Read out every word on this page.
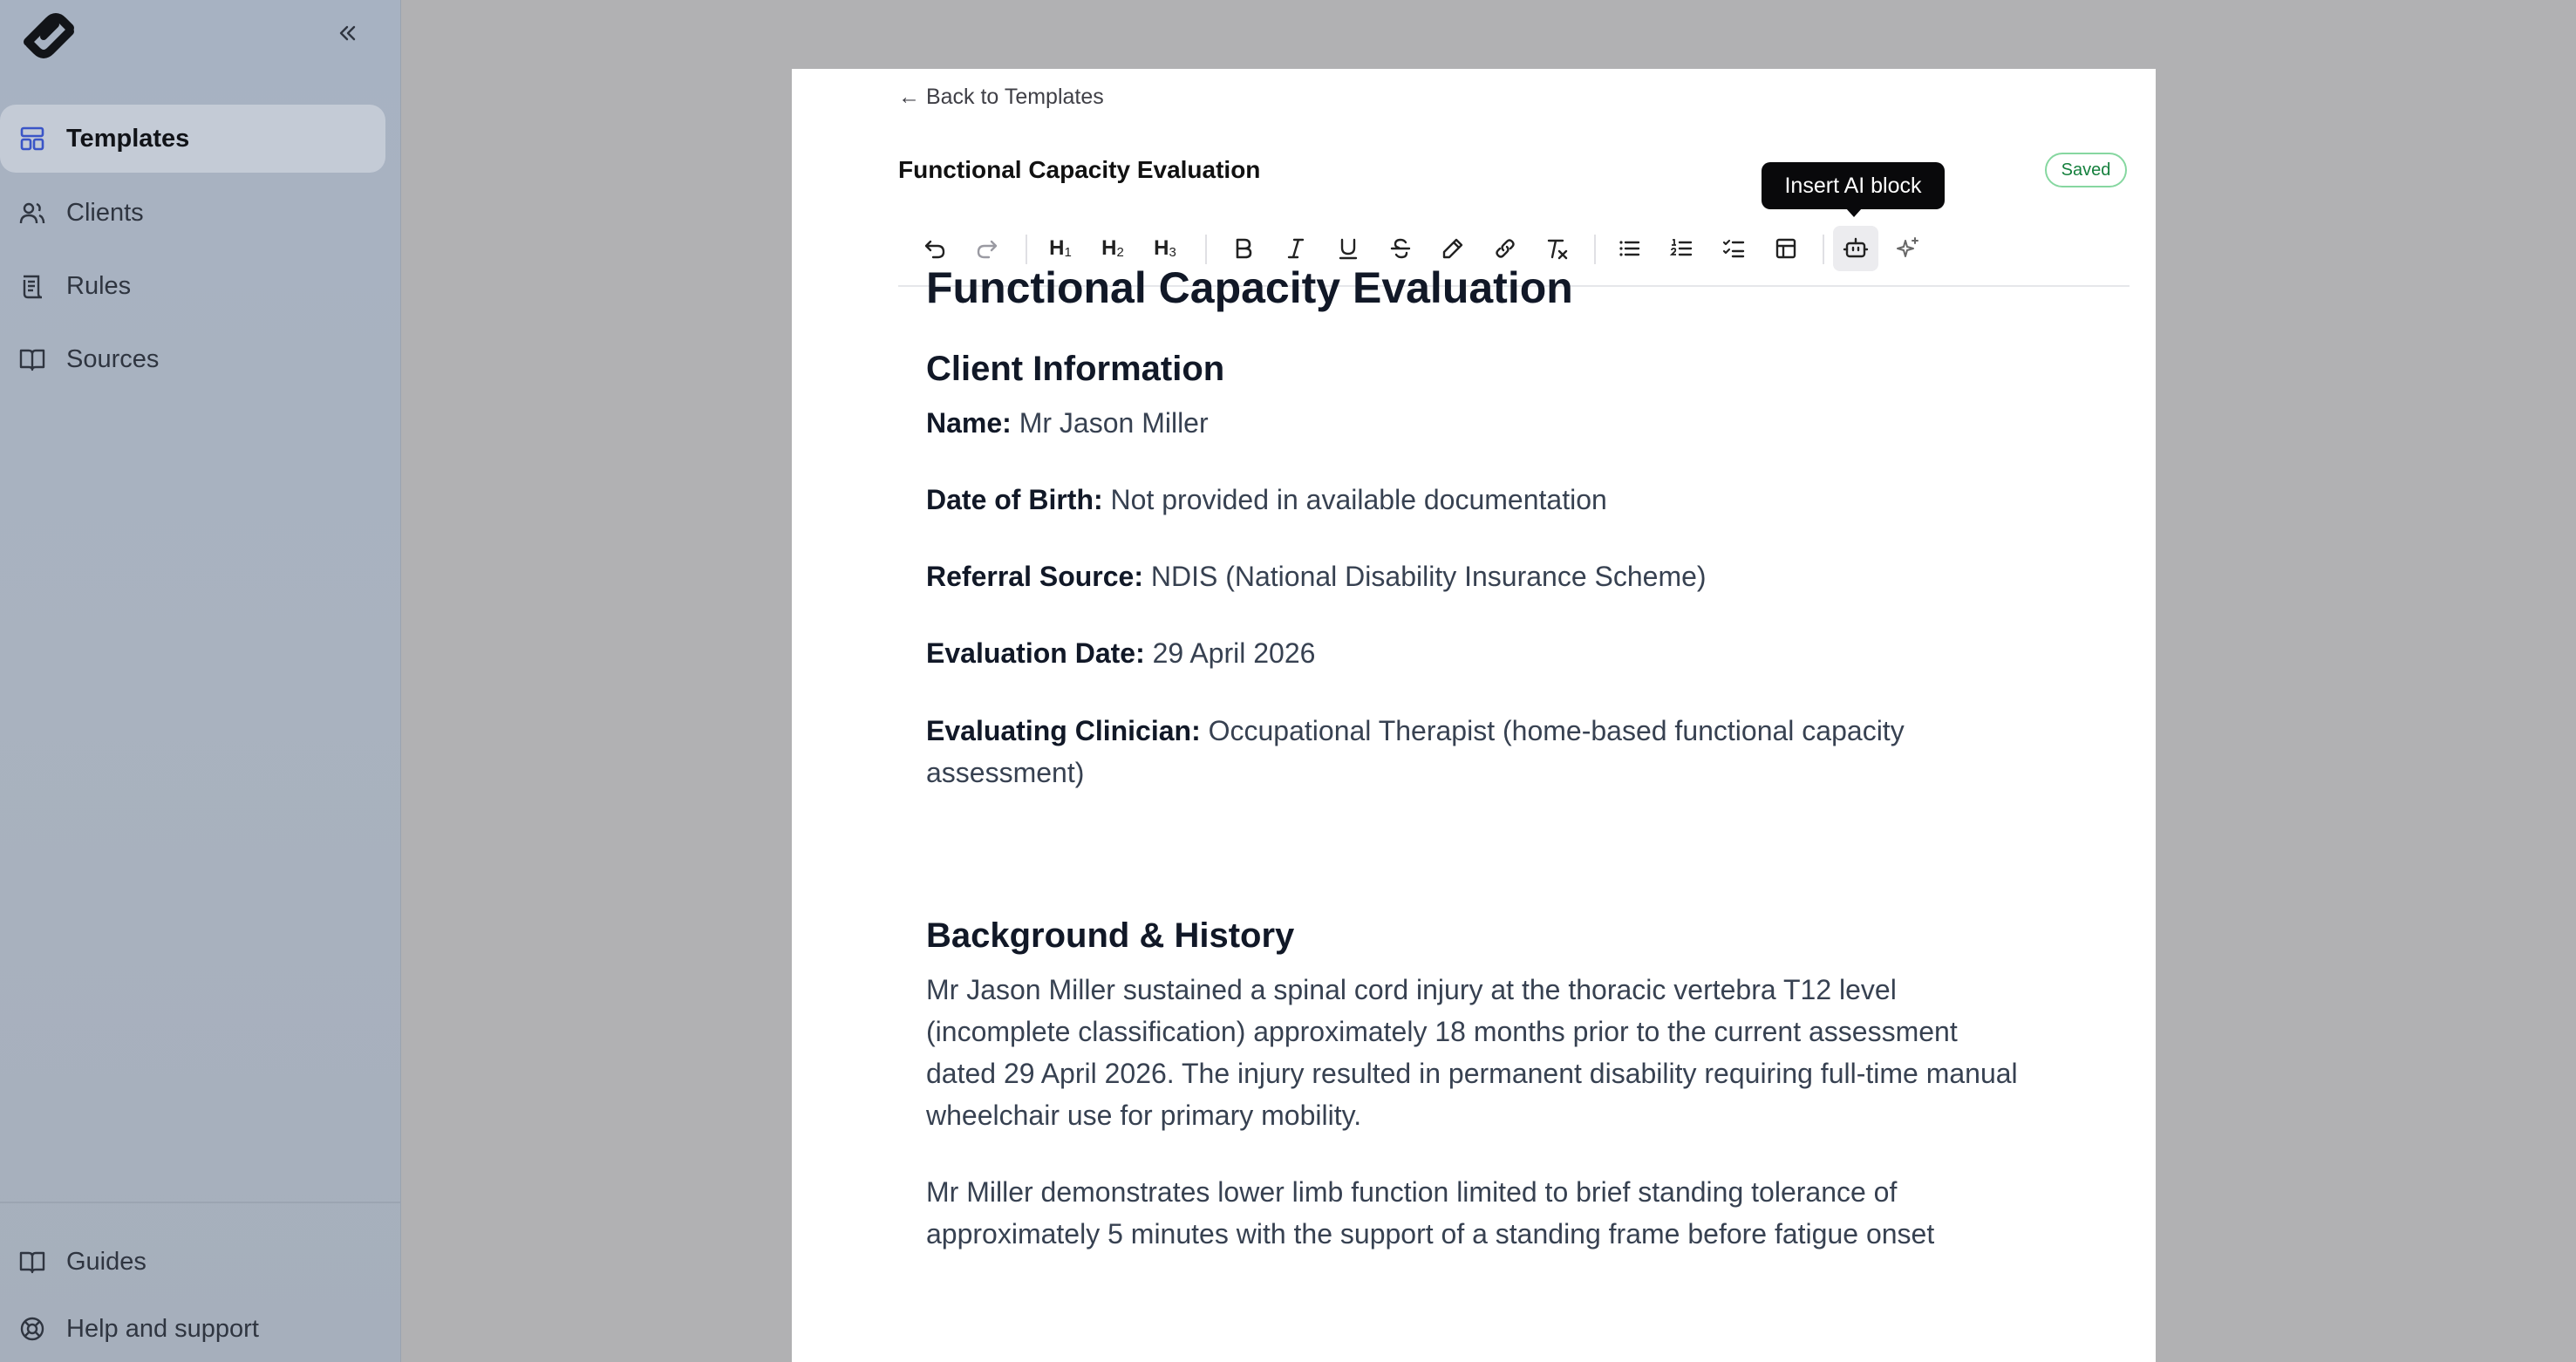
Templates
Clients
Rules
Sources
Guides
Help and support
← Back to Templates
Functional Capacity Evaluation	Saved
Insert AI block
$H_1$ $H_2$ $H_3$
Functional Capacity Evaluation
Client Information
Name: Mr Jason Miller
Date of Birth: Not provided in available documentation
Referral Source: NDIS (National Disability Insurance Scheme)
Evaluation Date: 29 April 2026
Evaluating Clinician: Occupational Therapist (home-based functional capacity assessment)
Background & History
Mr Jason Miller sustained a spinal cord injury at the thoracic vertebra T12 level (incomplete classification) approximately 18 months prior to the current assessment dated 29 April 2026. The injury resulted in permanent disability requiring full-time manual wheelchair use for primary mobility.
Mr Miller demonstrates lower limb function limited to brief standing tolerance of approximately 5 minutes with the support of a standing frame before fatigue onset
